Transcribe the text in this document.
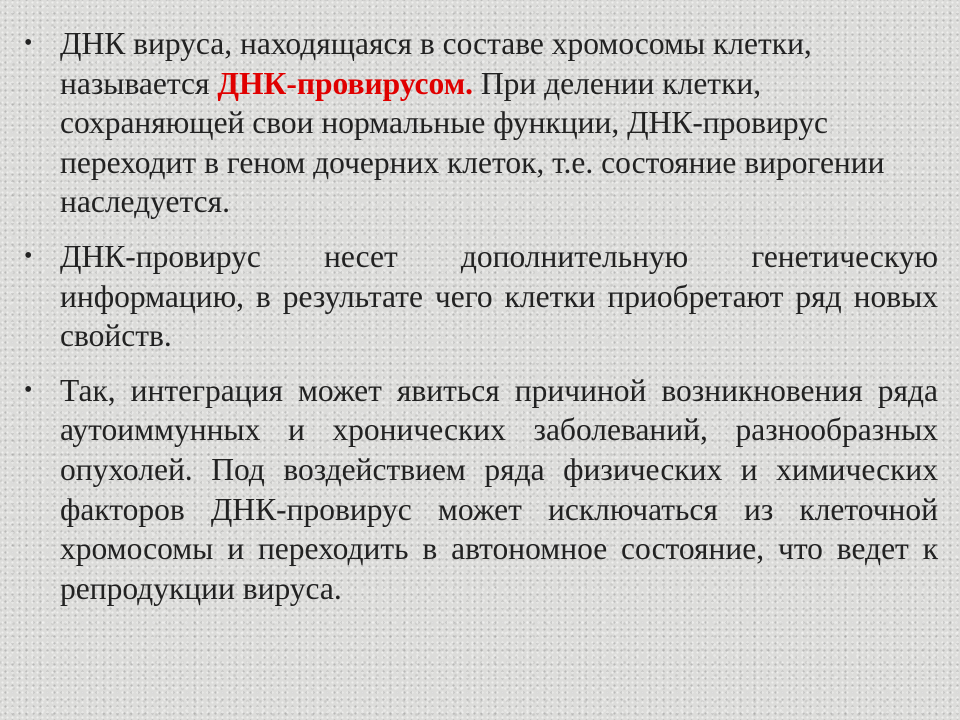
• ДНК вируса, находящаяся в составе хромосомы клетки, называется ДНК-провирусом. При делении клетки, сохраняющей свои нормальные функции, ДНК-провирус переходит в геном дочерних клеток, т.е. состояние вирогении наследуется.
• ДНК-провирус несет дополнительную генетическую информацию, в результате чего клетки приобретают ряд новых свойств.
• Так, интеграция может явиться причиной возникновения ряда аутоиммунных и хронических заболеваний, разнообразных опухолей. Под воздействием ряда физических и химических факторов ДНК-провирус может исключаться из клеточной хромосомы и переходить в автономное состояние, что ведет к репродукции вируса.
